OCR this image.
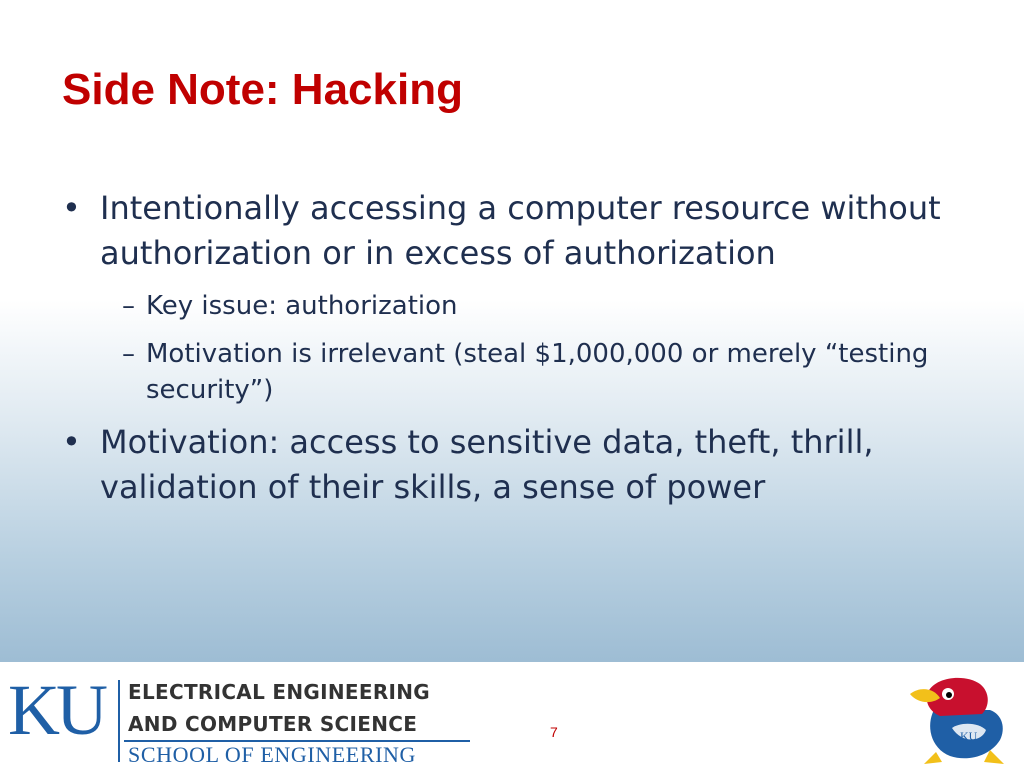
Side Note: Hacking

• Intentionally accessing a computer resource without authorization or in excess of authorization

– Key issue: authorization
– Motivation is irrelevant (steal $1,000,000 or merely “testing security”)

• Motivation: access to sensitive data, theft, thrill, validation of their skills, a sense of power

KU ELECTRICAL ENGINEERING
AND COMPUTER SCIENCE
SCHOOL OF ENGINEERING
7	KU
